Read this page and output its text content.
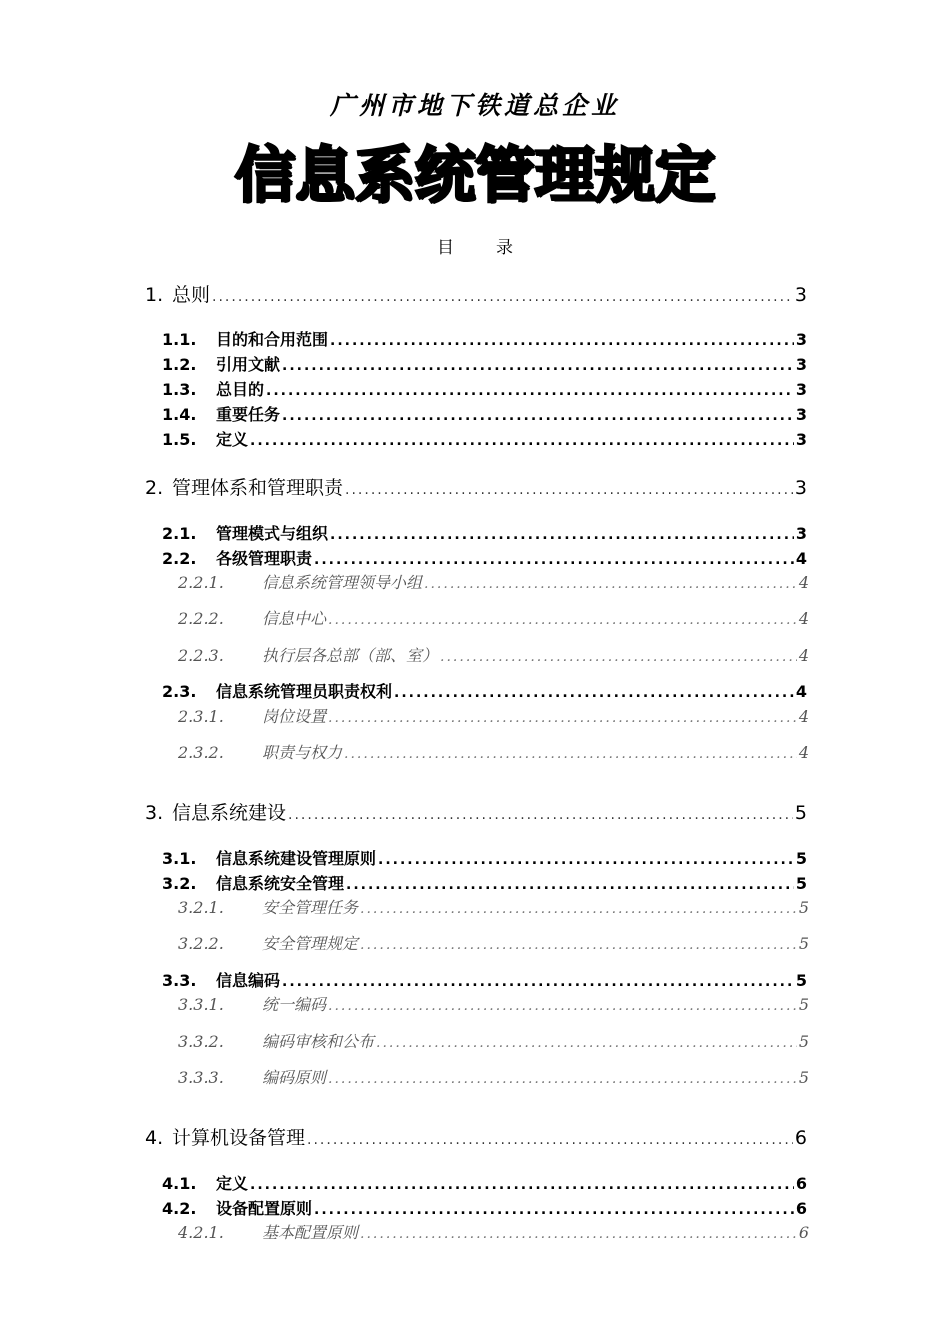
广州市地下铁道总企业
信息系统管理规定
目录
1. 总则 .....	3
1.1.	目的和合用范围 .....	3
1.2.	引用文献 .....	3
1.3.	总目的 .....	3
1.4.	重要任务 .....	3
1.5.	定义 .....	3
2. 管理体系和管理职责 .....	3
2.1.	管理模式与组织 .....	3
2.2.	各级管理职责 .....	4
2.2.1.	信息系统管理领导小组 .....	4
2.2.2.	信息中心 .....	4
2.2.3.	执行层各总部（部、室） .....	4
2.3.	信息系统管理员职责权利 .....	4
2.3.1.	岗位设置 .....	4
2.3.2.	职责与权力 .....	4
3. 信息系统建设 .....	5
3.1.	信息系统建设管理原则 .....	5
3.2.	信息系统安全管理 .....	5
3.2.1.	安全管理任务 .....	5
3.2.2.	安全管理规定 .....	5
3.3.	信息编码 .....	5
3.3.1.	统一编码 .....	5
3.3.2.	编码审核和公布 .....	5
3.3.3.	编码原则 .....	5
4. 计算机设备管理 .....	6
4.1.	定义 .....	6
4.2.	设备配置原则 .....	6
4.2.1.	基本配置原则 .....	6
